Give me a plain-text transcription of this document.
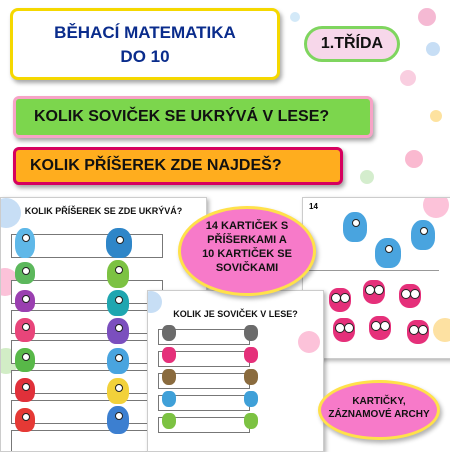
BĚHACÍ MATEMATIKA
DO 10
1.TŘÍDA
KOLIK SOVIČEK SE UKRÝVÁ V LESE?
KOLIK PŘÍŠEREK ZDE NAJDEŠ?
KOLIK PŘÍŠEREK SE ZDE UKRÝVÁ?	14
KOLIK JE SOVIČEK V LESE?
14 KARTIČEK S
PŘÍŠERKAMI A
10 KARTIČEK SE
SOVIČKAMI
KARTIČKY,
ZÁZNAMOVÉ ARCHY
